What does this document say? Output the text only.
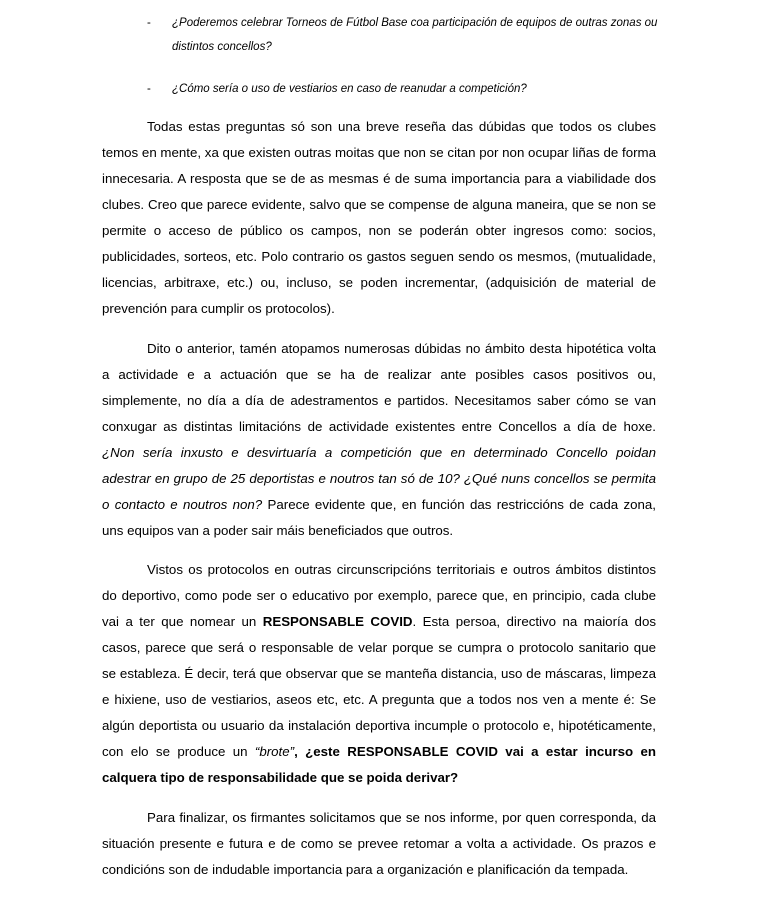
- ¿Poderemos celebrar Torneos de Fútbol Base coa participación de equipos de outras zonas ou distintos concellos?
- ¿Cómo sería o uso de vestiarios en caso de reanudar a competición?

Todas estas preguntas só son una breve reseña das dúbidas que todos os clubes temos en mente, xa que existen outras moitas que non se citan por non ocupar liñas de forma innecesaria. A resposta que se de as mesmas é de suma importancia para a viabilidade dos clubes. Creo que parece evidente, salvo que se compense de alguna maneira, que se non se permite o acceso de público os campos, non se poderán obter ingresos como: socios, publicidades, sorteos, etc. Polo contrario os gastos seguen sendo os mesmos, (mutualidade, licencias, arbitraxe, etc.) ou, incluso, se poden incrementar, (adquisición de material de prevención para cumplir os protocolos).

Dito o anterior, tamén atopamos numerosas dúbidas no ámbito desta hipotética volta a actividade e a actuación que se ha de realizar ante posibles casos positivos ou, simplemente, no día a día de adestramentos e partidos. Necesitamos saber cómo se van conxugar as distintas limitacións de actividade existentes entre Concellos a día de hoxe. ¿Non sería inxusto e desvirtuaría a competición que en determinado Concello poidan adestrar en grupo de 25 deportistas e noutros tan só de 10? ¿Qué nuns concellos se permita o contacto e noutros non? Parece evidente que, en función das restriccións de cada zona, uns equipos van a poder sair máis beneficiados que outros.

Vistos os protocolos en outras circunscripcións territoriais e outros ámbitos distintos do deportivo, como pode ser o educativo por exemplo, parece que, en principio, cada clube vai a ter que nomear un RESPONSABLE COVID. Esta persoa, directivo na maioría dos casos, parece que será o responsable de velar porque se cumpra o protocolo sanitario que se estableza. É decir, terá que observar que se manteña distancia, uso de máscaras, limpeza e hixiene, uso de vestiarios, aseos etc, etc. A pregunta que a todos nos ven a mente é: Se algún deportista ou usuario da instalación deportiva incumple o protocolo e, hipotéticamente, con elo se produce un “brote”, ¿este RESPONSABLE COVID vai a estar incurso en calquera tipo de responsabilidade que se poida derivar?

Para finalizar, os firmantes solicitamos que se nos informe, por quen corresponda, da situación presente e futura e de como se prevee retomar a volta a actividade. Os prazos e condicións son de indudable importancia para a organización e planificación da tempada.
